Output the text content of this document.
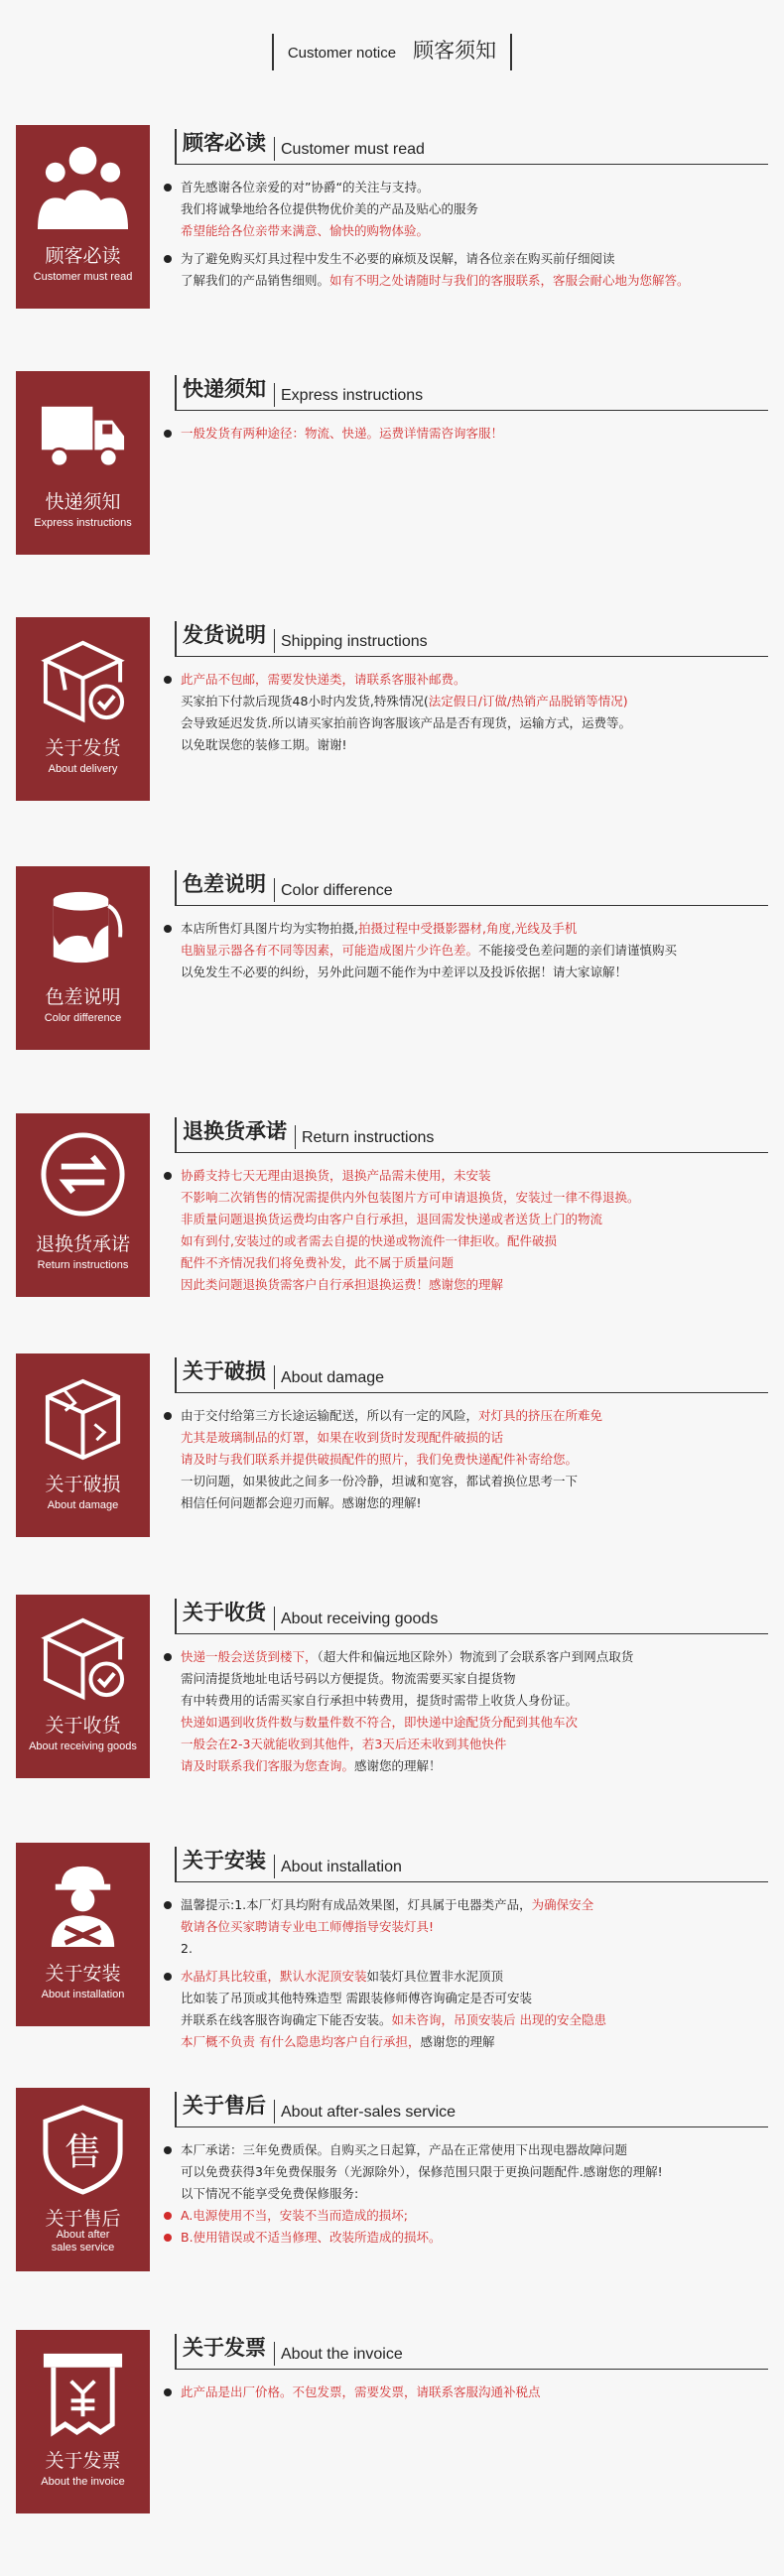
Customer notice 顾客须知
顾客必读
Customer must read
顾客必读 Customer must read
首先感谢各位亲爱的对”协爵“的关注与支持。
我们将诚挚地给各位提供物优价美的产品及贴心的服务
希望能给各位亲带来满意、愉快的购物体验。
为了避免购买灯具过程中发生不必要的麻烦及误解，请各位亲在购买前仔细阅读
了解我们的产品销售细则。如有不明之处请随时与我们的客服联系，客服会耐心地为您解答。
快递须知
Express instructions
快递须知 Express instructions
一般发货有两种途径：物流、快递。运费详情需咨询客服！
关于发货
About delivery
发货说明 Shipping instructions
此产品不包邮，需要发快递类，请联系客服补邮费。
买家拍下付款后现货48小时内发货,特殊情况(法定假日/订做/热销产品脱销等情况)
会导致延迟发货.所以请买家拍前咨询客服该产品是否有现货，运输方式，运费等。
以免耽误您的装修工期。谢谢!
色差说明
Color difference
色差说明 Color difference
本店所售灯具图片均为实物拍摄,拍摄过程中受摄影器材,角度,光线及手机
电脑显示器各有不同等因素，可能造成图片少许色差。不能接受色差问题的亲们请谨慎购买
以免发生不必要的纠纷，另外此问题不能作为中差评以及投诉依据！请大家谅解！
退换货承诺
Return instructions
退换货承诺 Return instructions
协爵支持七天无理由退换货，退换产品需未使用，未安装
不影响二次销售的情况需提供内外包装图片方可申请退换货，安装过一律不得退换。
非质量问题退换货运费均由客户自行承担，退回需发快递或者送货上门的物流
如有到付,安装过的或者需去自提的快递或物流件一律拒收。配件破损
配件不齐情况我们将免费补发，此不属于质量问题
因此类问题退换货需客户自行承担退换运费！感谢您的理解
关于破损
About damage
关于破损 About damage
由于交付给第三方长途运输配送，所以有一定的风险，对灯具的挤压在所难免
尤其是玻璃制品的灯罩，如果在收到货时发现配件破损的话
请及时与我们联系并提供破损配件的照片，我们免费快递配件补寄给您。
一切问题，如果彼此之间多一份冷静，坦诚和宽容，都试着换位思考一下
相信任何问题都会迎刃而解。感谢您的理解!
关于收货
About receiving goods
关于收货 About receiving goods
快递一般会送货到楼下，（超大件和偏远地区除外）物流到了会联系客户到网点取货
需问清提货地址电话号码以方便提货。物流需要买家自提货物
有中转费用的话需买家自行承担中转费用，提货时需带上收货人身份证。
快递如遇到收货件数与数量件数不符合，即快递中途配货分配到其他车次
一般会在2-3天就能收到其他件，若3天后还未收到其他快件
请及时联系我们客服为您查询。感谢您的理解！
关于安装
About installation
关于安装 About installation
温馨提示:1.本厂灯具均附有成品效果图，灯具属于电器类产品，为确保安全
敬请各位买家聘请专业电工师傅指导安装灯具!
2.
水晶灯具比较重，默认水泥顶安装如装灯具位置非水泥顶顶
比如装了吊顶或其他特殊造型 需跟装修师傅咨询确定是否可安装
并联系在线客服咨询确定下能否安装。如未咨询，吊顶安装后 出现的安全隐患
本厂概不负责 有什么隐患均客户自行承担，感谢您的理解
售
关于售后
About after sales service
关于售后 About after-sales service
本厂承诺：三年免费质保。自购买之日起算，产品在正常使用下出现电器故障问题
可以免费获得3年免费保服务（光源除外），保修范围只限于更换问题配件.感谢您的理解!
以下情况不能享受免费保修服务:
A.电源使用不当，安装不当而造成的损坏;
B.使用错误或不适当修理、改装所造成的损坏。
关于发票
About the invoice
关于发票 About the invoice
此产品是出厂价格。不包发票，需要发票，请联系客服沟通补税点
